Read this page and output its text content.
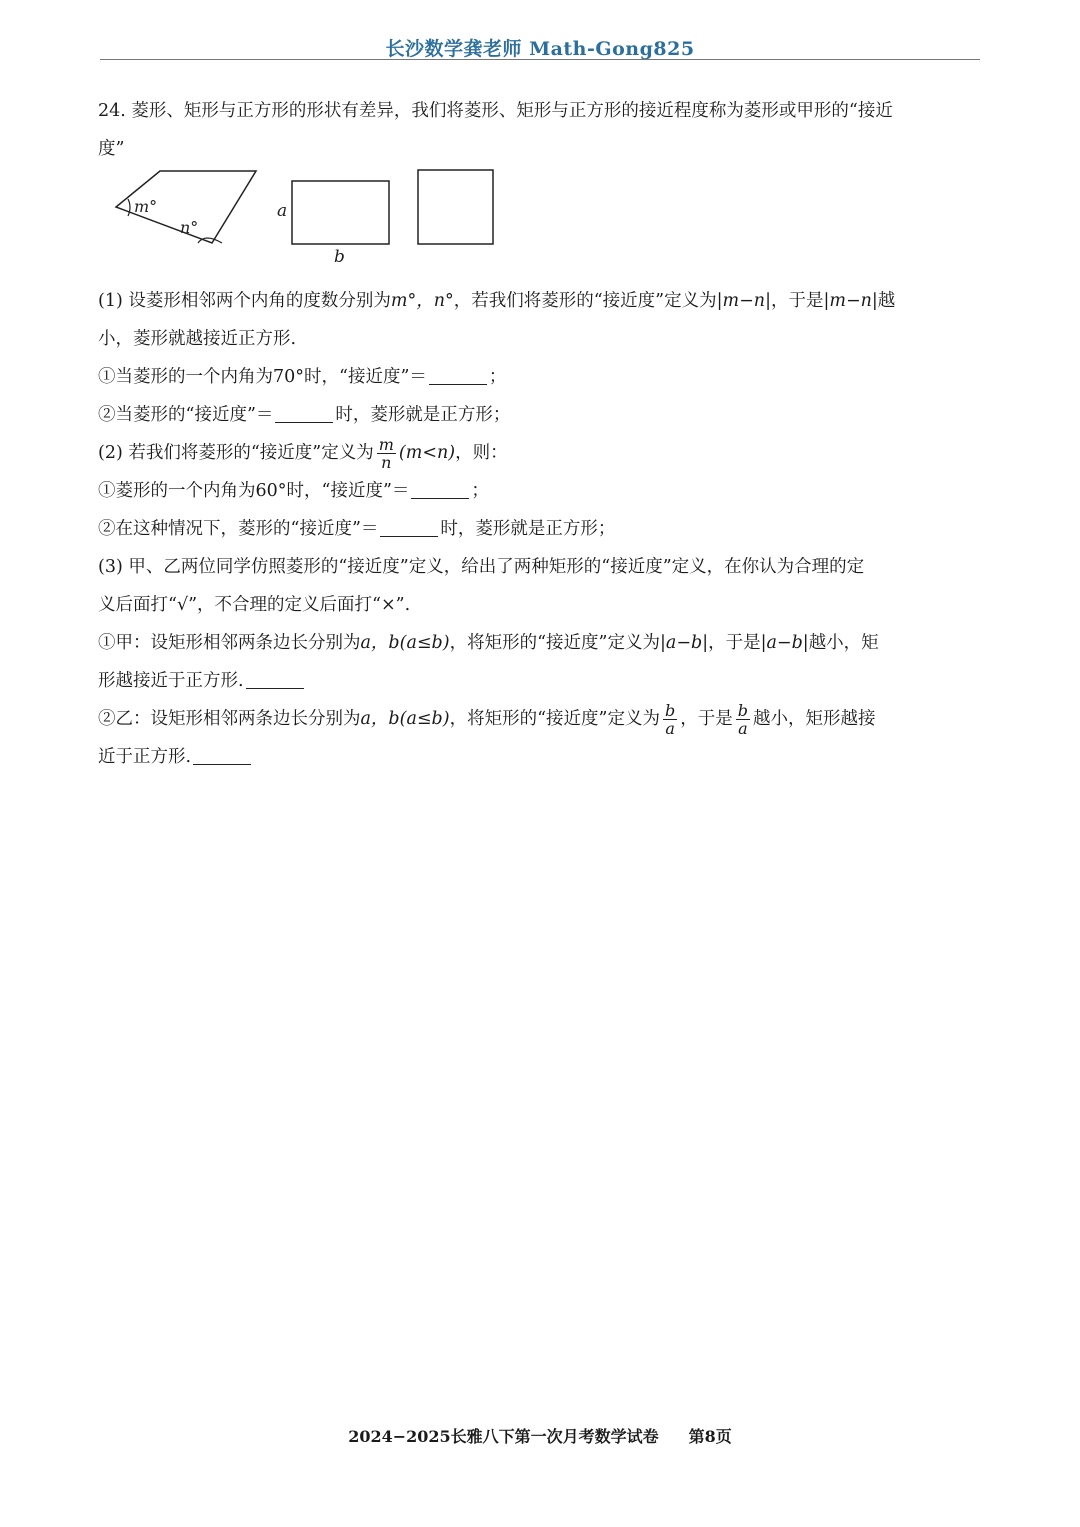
长沙数学龚老师 Math-Gong825
24. 菱形、矩形与正方形的形状有差异，我们将菱形、矩形与正方形的接近程度称为菱形或甲形的“接近
度”
(1) 设菱形相邻两个内角的度数分别为m°，n°，若我们将菱形的“接近度”定义为|m−n|，于是|m−n|越
小，菱形就越接近正方形.
①当菱形的一个内角为70°时，“接近度”＝	；
②当菱形的“接近度”＝	时，菱形就是正方形；
(2) 若我们将菱形的“接近度”定义为 $\frac{m}{n} (m<n)$，则：
①菱形的一个内角为60°时，“接近度”＝	；
②在这种情况下，菱形的“接近度”＝	时，菱形就是正方形；
(3) 甲、乙两位同学仿照菱形的“接近度”定义，给出了两种矩形的“接近度”定义，在你认为合理的定
义后面打“√”，不合理的定义后面打“×”.
①甲：设矩形相邻两条边长分别为a，b(a≤b)，将矩形的“接近度”定义为|a−b|，于是|a−b|越小，矩
形越接近于正方形.
②乙：设矩形相邻两条边长分别为a，b(a≤b)，将矩形的“接近度”定义为 $\frac{b}{a}$ ，于是 $\frac{b}{a}$ 越小，矩形越接
近于正方形.
m°
n°
a
b
2024−2025长雅八下第一次月考数学试卷 第8页
